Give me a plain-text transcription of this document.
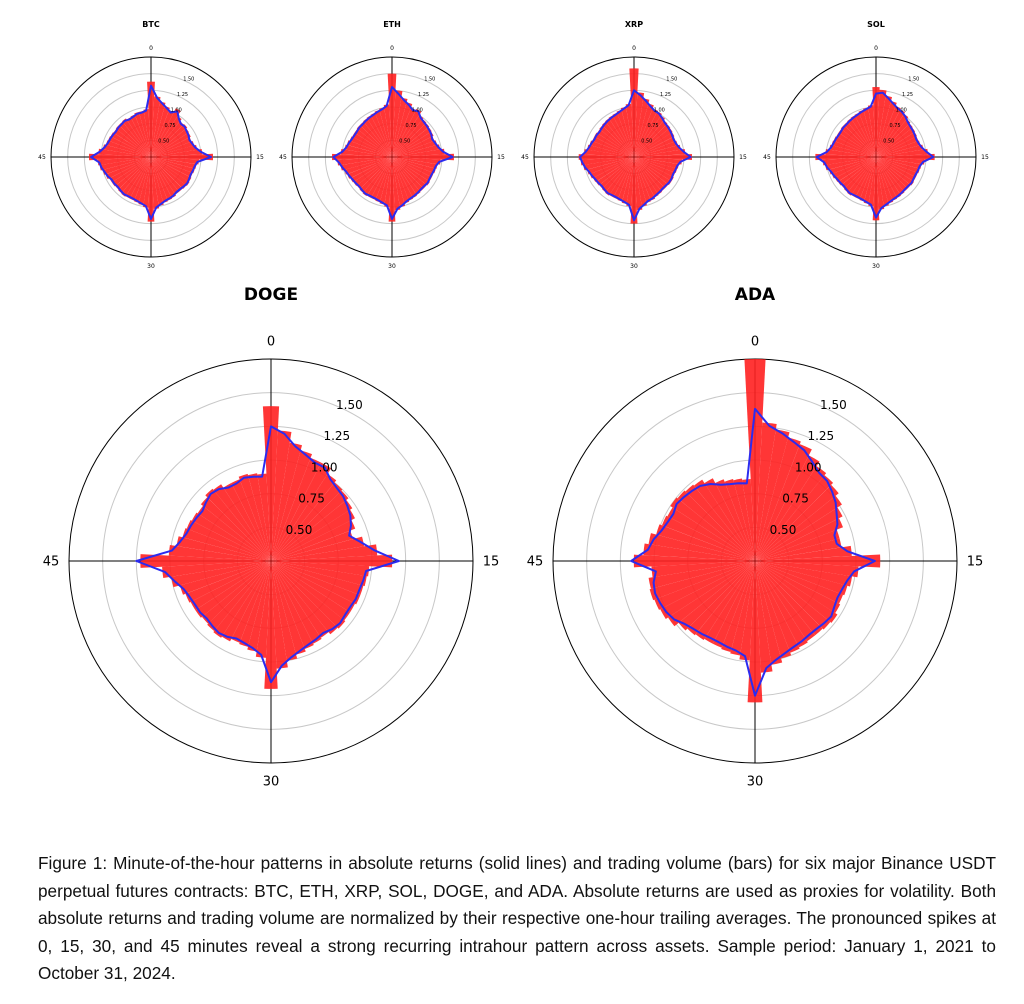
BTC
0.50
0.75
1.00
1.25
1.50
0
15
30
45
ETH
0.50
0.75
1.00
1.25
1.50
0
15
30
45
XRP
0.50
0.75
1.00
1.25
1.50
0
15
30
45
SOL
0.50
0.75
1.00
1.25
1.50
0
15
30
45
DOGE
0.50
0.75
1.00
1.25
1.50
0
15
30
45
ADA
0.50
0.75
1.00
1.25
1.50
0
15
30
45

Figure 1: Minute-of-the-hour patterns in absolute returns (solid lines) and trading volume (bars) for six major Binance USDT perpetual futures contracts: BTC, ETH, XRP, SOL, DOGE, and ADA. Absolute returns are used as proxies for volatility. Both absolute returns and trading volume are normalized by their respective one-hour trailing averages. The pronounced spikes at 0, 15, 30, and 45 minutes reveal a strong recurring intrahour pattern across assets. Sample period: January 1, 2021 to October 31, 2024.
